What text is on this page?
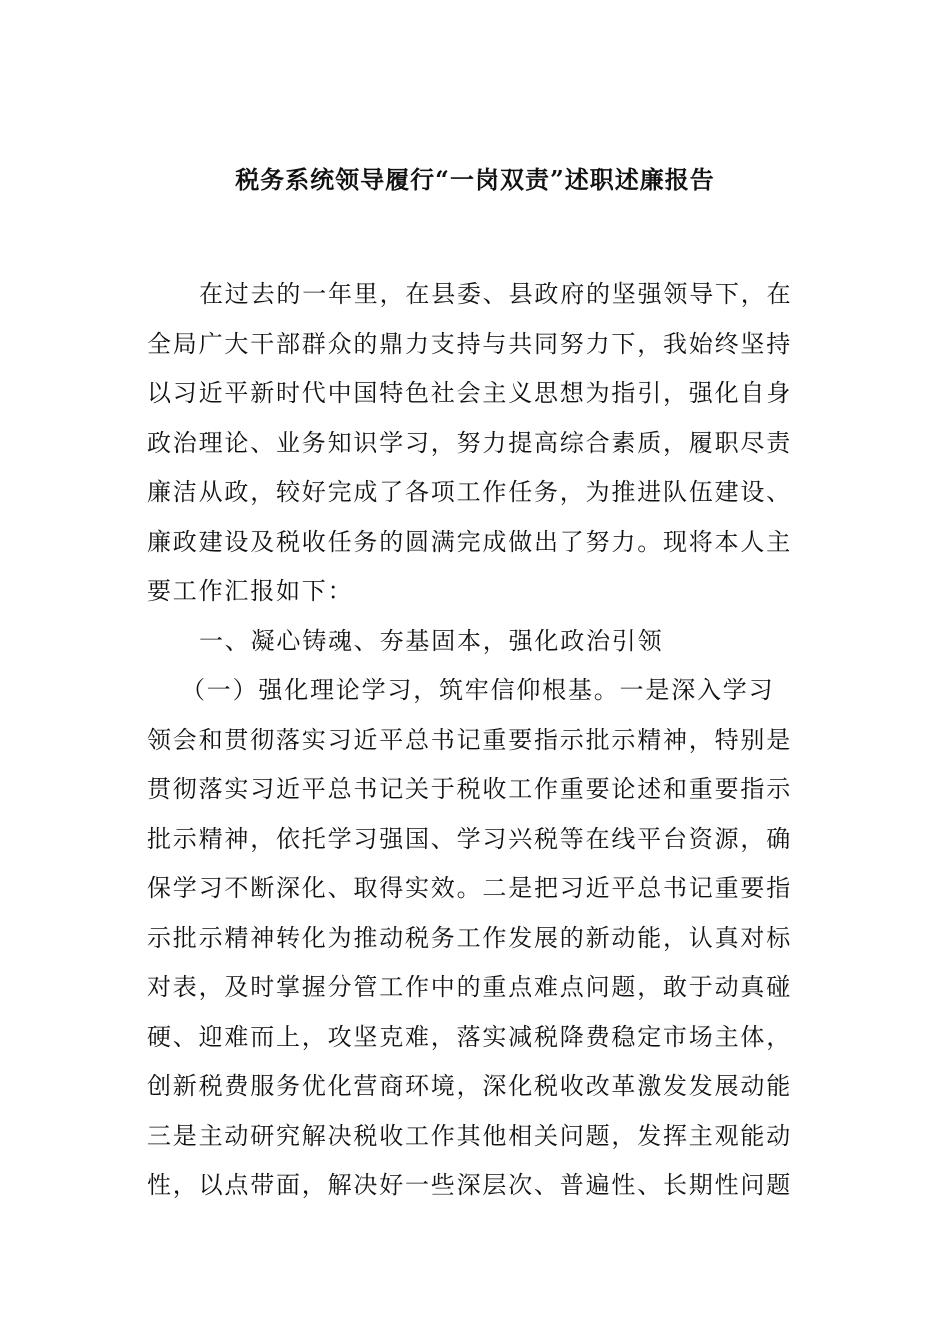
税务系统领导履行“一岗双责”述职述廉报告

在过去的一年里，在县委、县政府的坚强领导下，在

全局广大干部群众的鼎力支持与共同努力下，我始终坚持

以习近平新时代中国特色社会主义思想为指引，强化自身

政治理论、业务知识学习，努力提高综合素质，履职尽责

廉洁从政，较好完成了各项工作任务，为推进队伍建设、

廉政建设及税收任务的圆满完成做出了努力。现将本人主

要工作汇报如下：

一、凝心铸魂、夯基固本，强化政治引领

（一）强化理论学习，筑牢信仰根基。一是深入学习

领会和贯彻落实习近平总书记重要指示批示精神，特别是

贯彻落实习近平总书记关于税收工作重要论述和重要指示

批示精神，依托学习强国、学习兴税等在线平台资源，确

保学习不断深化、取得实效。二是把习近平总书记重要指

示批示精神转化为推动税务工作发展的新动能，认真对标

对表，及时掌握分管工作中的重点难点问题，敢于动真碰

硬、迎难而上，攻坚克难，落实减税降费稳定市场主体，

创新税费服务优化营商环境，深化税收改革激发发展动能

三是主动研究解决税收工作其他相关问题，发挥主观能动

性，以点带面，解决好一些深层次、普遍性、长期性问题
